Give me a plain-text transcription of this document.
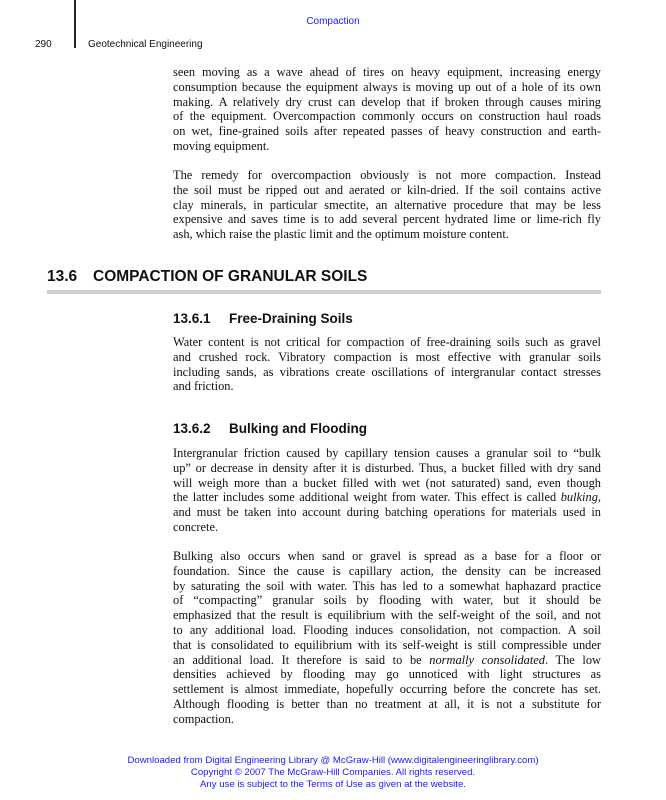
Compaction
290	Geotechnical Engineering
seen moving as a wave ahead of tires on heavy equipment, increasing energy
consumption because the equipment always is moving up out of a hole of its own
making. A relatively dry crust can develop that if broken through causes miring
of the equipment. Overcompaction commonly occurs on construction haul roads
on wet, fine-grained soils after repeated passes of heavy construction and earth-
moving equipment.
The remedy for overcompaction obviously is not more compaction. Instead
the soil must be ripped out and aerated or kiln-dried. If the soil contains active
clay minerals, in particular smectite, an alternative procedure that may be less
expensive and saves time is to add several percent hydrated lime or lime-rich fly
ash, which raise the plastic limit and the optimum moisture content.
13.6 COMPACTION OF GRANULAR SOILS
13.6.1 Free-Draining Soils
Water content is not critical for compaction of free-draining soils such as gravel
and crushed rock. Vibratory compaction is most effective with granular soils
including sands, as vibrations create oscillations of intergranular contact stresses
and friction.
13.6.2 Bulking and Flooding
Intergranular friction caused by capillary tension causes a granular soil to “bulk
up” or decrease in density after it is disturbed. Thus, a bucket filled with dry sand
will weigh more than a bucket filled with wet (not saturated) sand, even though
the latter includes some additional weight from water. This effect is called bulking,
and must be taken into account during batching operations for materials used in
concrete.
Bulking also occurs when sand or gravel is spread as a base for a floor or
foundation. Since the cause is capillary action, the density can be increased
by saturating the soil with water. This has led to a somewhat haphazard practice
of “compacting” granular soils by flooding with water, but it should be
emphasized that the result is equilibrium with the self-weight of the soil, and not
to any additional load. Flooding induces consolidation, not compaction. A soil
that is consolidated to equilibrium with its self-weight is still compressible under
an additional load. It therefore is said to be normally consolidated. The low
densities achieved by flooding may go unnoticed with light structures as
settlement is almost immediate, hopefully occurring before the concrete has set.
Although flooding is better than no treatment at all, it is not a substitute for
compaction.
Downloaded from Digital Engineering Library @ McGraw-Hill (www.digitalengineeringlibrary.com)
Copyright © 2007 The McGraw-Hill Companies. All rights reserved.
Any use is subject to the Terms of Use as given at the website.
